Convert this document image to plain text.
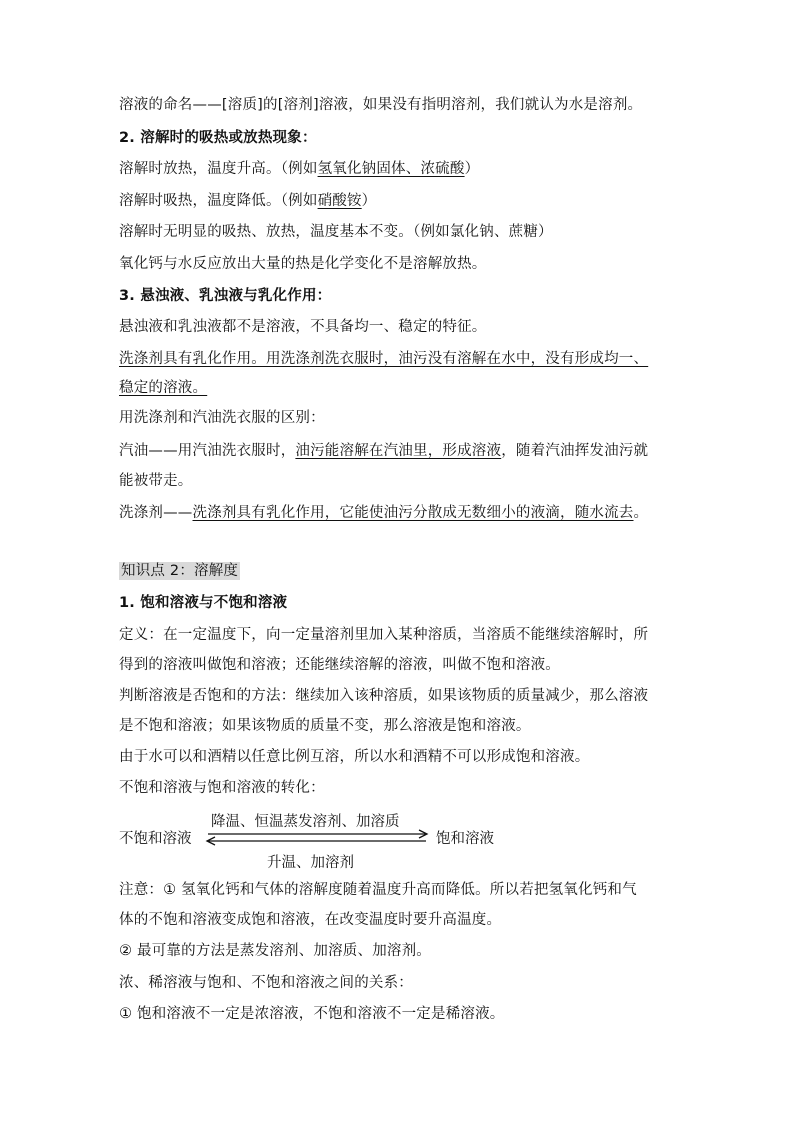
溶液的命名——[溶质]的[溶剂]溶液，如果没有指明溶剂，我们就认为水是溶剂。
2. 溶解时的吸热或放热现象：
溶解时放热，温度升高。（例如氢氧化钠固体、浓硫酸）
溶解时吸热，温度降低。（例如硝酸铵）
溶解时无明显的吸热、放热，温度基本不变。（例如氯化钠、蔗糖）
氧化钙与水反应放出大量的热是化学变化不是溶解放热。
3. 悬浊液、乳浊液与乳化作用：
悬浊液和乳浊液都不是溶液，不具备均一、稳定的特征。
洗涤剂具有乳化作用。用洗涤剂洗衣服时，油污没有溶解在水中，没有形成均一、
稳定的溶液。
用洗涤剂和汽油洗衣服的区别：
汽油——用汽油洗衣服时，油污能溶解在汽油里，形成溶液，随着汽油挥发油污就
能被带走。
洗涤剂——洗涤剂具有乳化作用，它能使油污分散成无数细小的液滴，随水流去。
知识点 2：溶解度
1. 饱和溶液与不饱和溶液
定义：在一定温度下，向一定量溶剂里加入某种溶质，当溶质不能继续溶解时，所
得到的溶液叫做饱和溶液；还能继续溶解的溶液，叫做不饱和溶液。
判断溶液是否饱和的方法：继续加入该种溶质，如果该物质的质量减少，那么溶液
是不饱和溶液；如果该物质的质量不变，那么溶液是饱和溶液。
由于水可以和酒精以任意比例互溶，所以水和酒精不可以形成饱和溶液。
不饱和溶液与饱和溶液的转化：
降温、恒温蒸发溶剂、加溶质
不饱和溶液	饱和溶液
升温、加溶剂
注意：① 氢氧化钙和气体的溶解度随着温度升高而降低。所以若把氢氧化钙和气
体的不饱和溶液变成饱和溶液，在改变温度时要升高温度。
② 最可靠的方法是蒸发溶剂、加溶质、加溶剂。
浓、稀溶液与饱和、不饱和溶液之间的关系：
① 饱和溶液不一定是浓溶液，不饱和溶液不一定是稀溶液。
